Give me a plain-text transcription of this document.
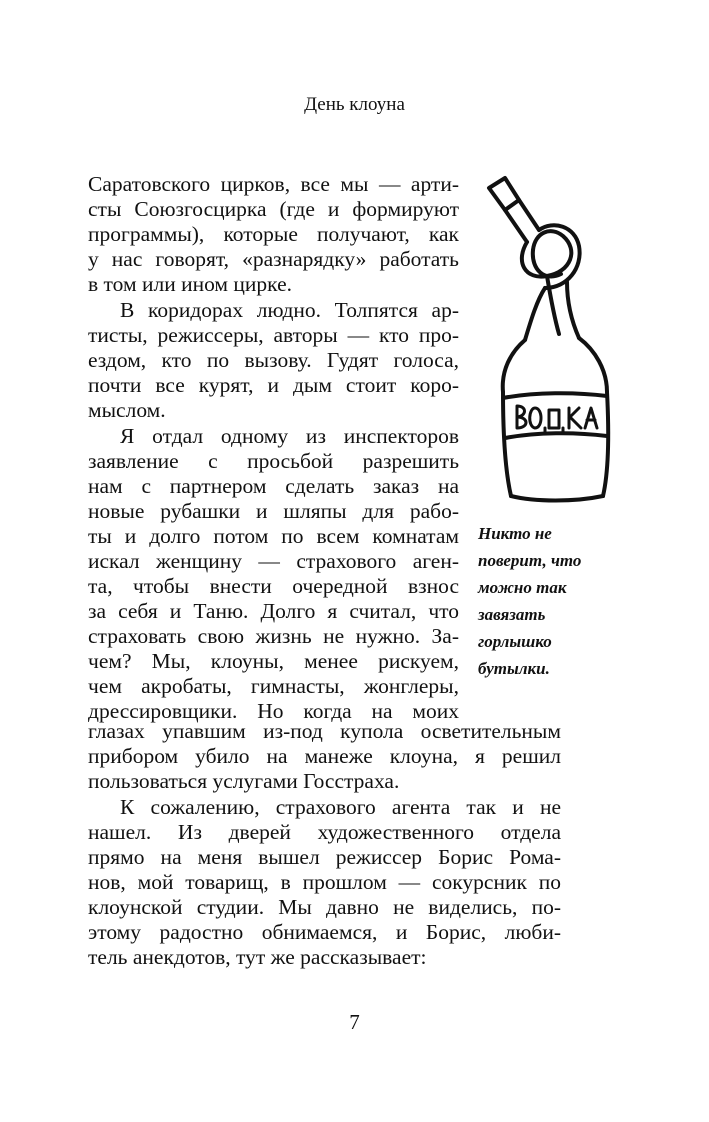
День клоуна
Саратовского цирков, все мы — арти-
сты Союзгосцирка (где и формируют
программы), которые получают, как
у нас говорят, «разнарядку» работать
в том или ином цирке.
В коридорах людно. Толпятся ар-
тисты, режиссеры, авторы — кто про-
ездом, кто по вызову. Гудят голоса,
почти все курят, и дым стоит коро-
мыслом.
Я отдал одному из инспекторов
заявление с просьбой разрешить
нам с партнером сделать заказ на
новые рубашки и шляпы для рабо-
ты и долго потом по всем комнатам
искал женщину — страхового аген-
та, чтобы внести очередной взнос
за себя и Таню. Долго я считал, что
страховать свою жизнь не нужно. За-
чем? Мы, клоуны, менее рискуем,
чем акробаты, гимнасты, жонглеры,
дрессировщики. Но когда на моих
глазах упавшим из-под купола осветительным
прибором убило на манеже клоуна, я решил
пользоваться услугами Госстраха.
К сожалению, страхового агента так и не
нашел. Из дверей художественного отдела
прямо на меня вышел режиссер Борис Рома-
нов, мой товарищ, в прошлом — сокурсник по
клоунской студии. Мы давно не виделись, по-
этому радостно обнимаемся, и Борис, люби-
тель анекдотов, тут же рассказывает:
Никто не
поверит, что
можно так
завязать
горлышко
бутылки.
7
